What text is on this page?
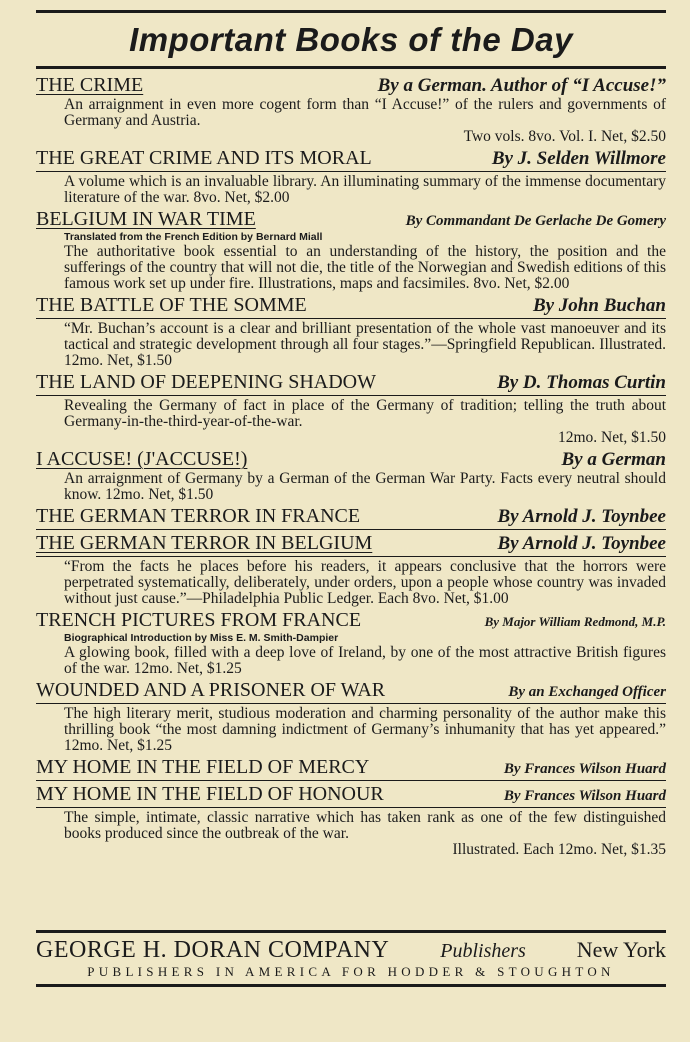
Important Books of the Day
THE CRIME	By a German. Author of “I Accuse!”
An arraignment in even more cogent form than “I Accuse!” of the rulers and governments of Germany and Austria.
Two vols. 8vo. Vol. I. Net, $2.50
THE GREAT CRIME AND ITS MORAL	By J. Selden Willmore
A volume which is an invaluable library. An illuminating summary of the immense documentary literature of the war. 8vo. Net, $2.00
BELGIUM IN WAR TIME	By Commandant De Gerlache De Gomery
Translated from the French Edition by Bernard Miall
The authoritative book essential to an understanding of the history, the position and the sufferings of the country that will not die, the title of the Norwegian and Swedish editions of this famous work set up under fire. Illustrations, maps and facsimiles. 8vo. Net, $2.00
THE BATTLE OF THE SOMME	By John Buchan
“Mr. Buchan’s account is a clear and brilliant presentation of the whole vast manoeuver and its tactical and strategic development through all four stages.”—Springfield Republican. Illustrated. 12mo. Net, $1.50
THE LAND OF DEEPENING SHADOW	By D. Thomas Curtin
Revealing the Germany of fact in place of the Germany of tradition; telling the truth about Germany-in-the-third-year-of-the-war.
12mo. Net, $1.50
I ACCUSE! (J'ACCUSE!)	By a German
An arraignment of Germany by a German of the German War Party. Facts every neutral should know. 12mo. Net, $1.50
THE GERMAN TERROR IN FRANCE	By Arnold J. Toynbee
THE GERMAN TERROR IN BELGIUM	By Arnold J. Toynbee
“From the facts he places before his readers, it appears conclusive that the horrors were perpetrated systematically, deliberately, under orders, upon a people whose country was invaded without just cause.”—Philadelphia Public Ledger. Each 8vo. Net, $1.00
TRENCH PICTURES FROM FRANCE	By Major William Redmond, M.P.
Biographical Introduction by Miss E. M. Smith-Dampier
A glowing book, filled with a deep love of Ireland, by one of the most attractive British figures of the war. 12mo. Net, $1.25
WOUNDED AND A PRISONER OF WAR	By an Exchanged Officer
The high literary merit, studious moderation and charming personality of the author make this thrilling book “the most damning indictment of Germany’s inhumanity that has yet appeared.” 12mo. Net, $1.25
MY HOME IN THE FIELD OF MERCY	By Frances Wilson Huard
MY HOME IN THE FIELD OF HONOUR	By Frances Wilson Huard
The simple, intimate, classic narrative which has taken rank as one of the few distinguished books produced since the outbreak of the war.
Illustrated. Each 12mo. Net, $1.35
GEORGE H. DORAN COMPANY	Publishers New York
PUBLISHERS IN AMERICA FOR HODDER & STOUGHTON
